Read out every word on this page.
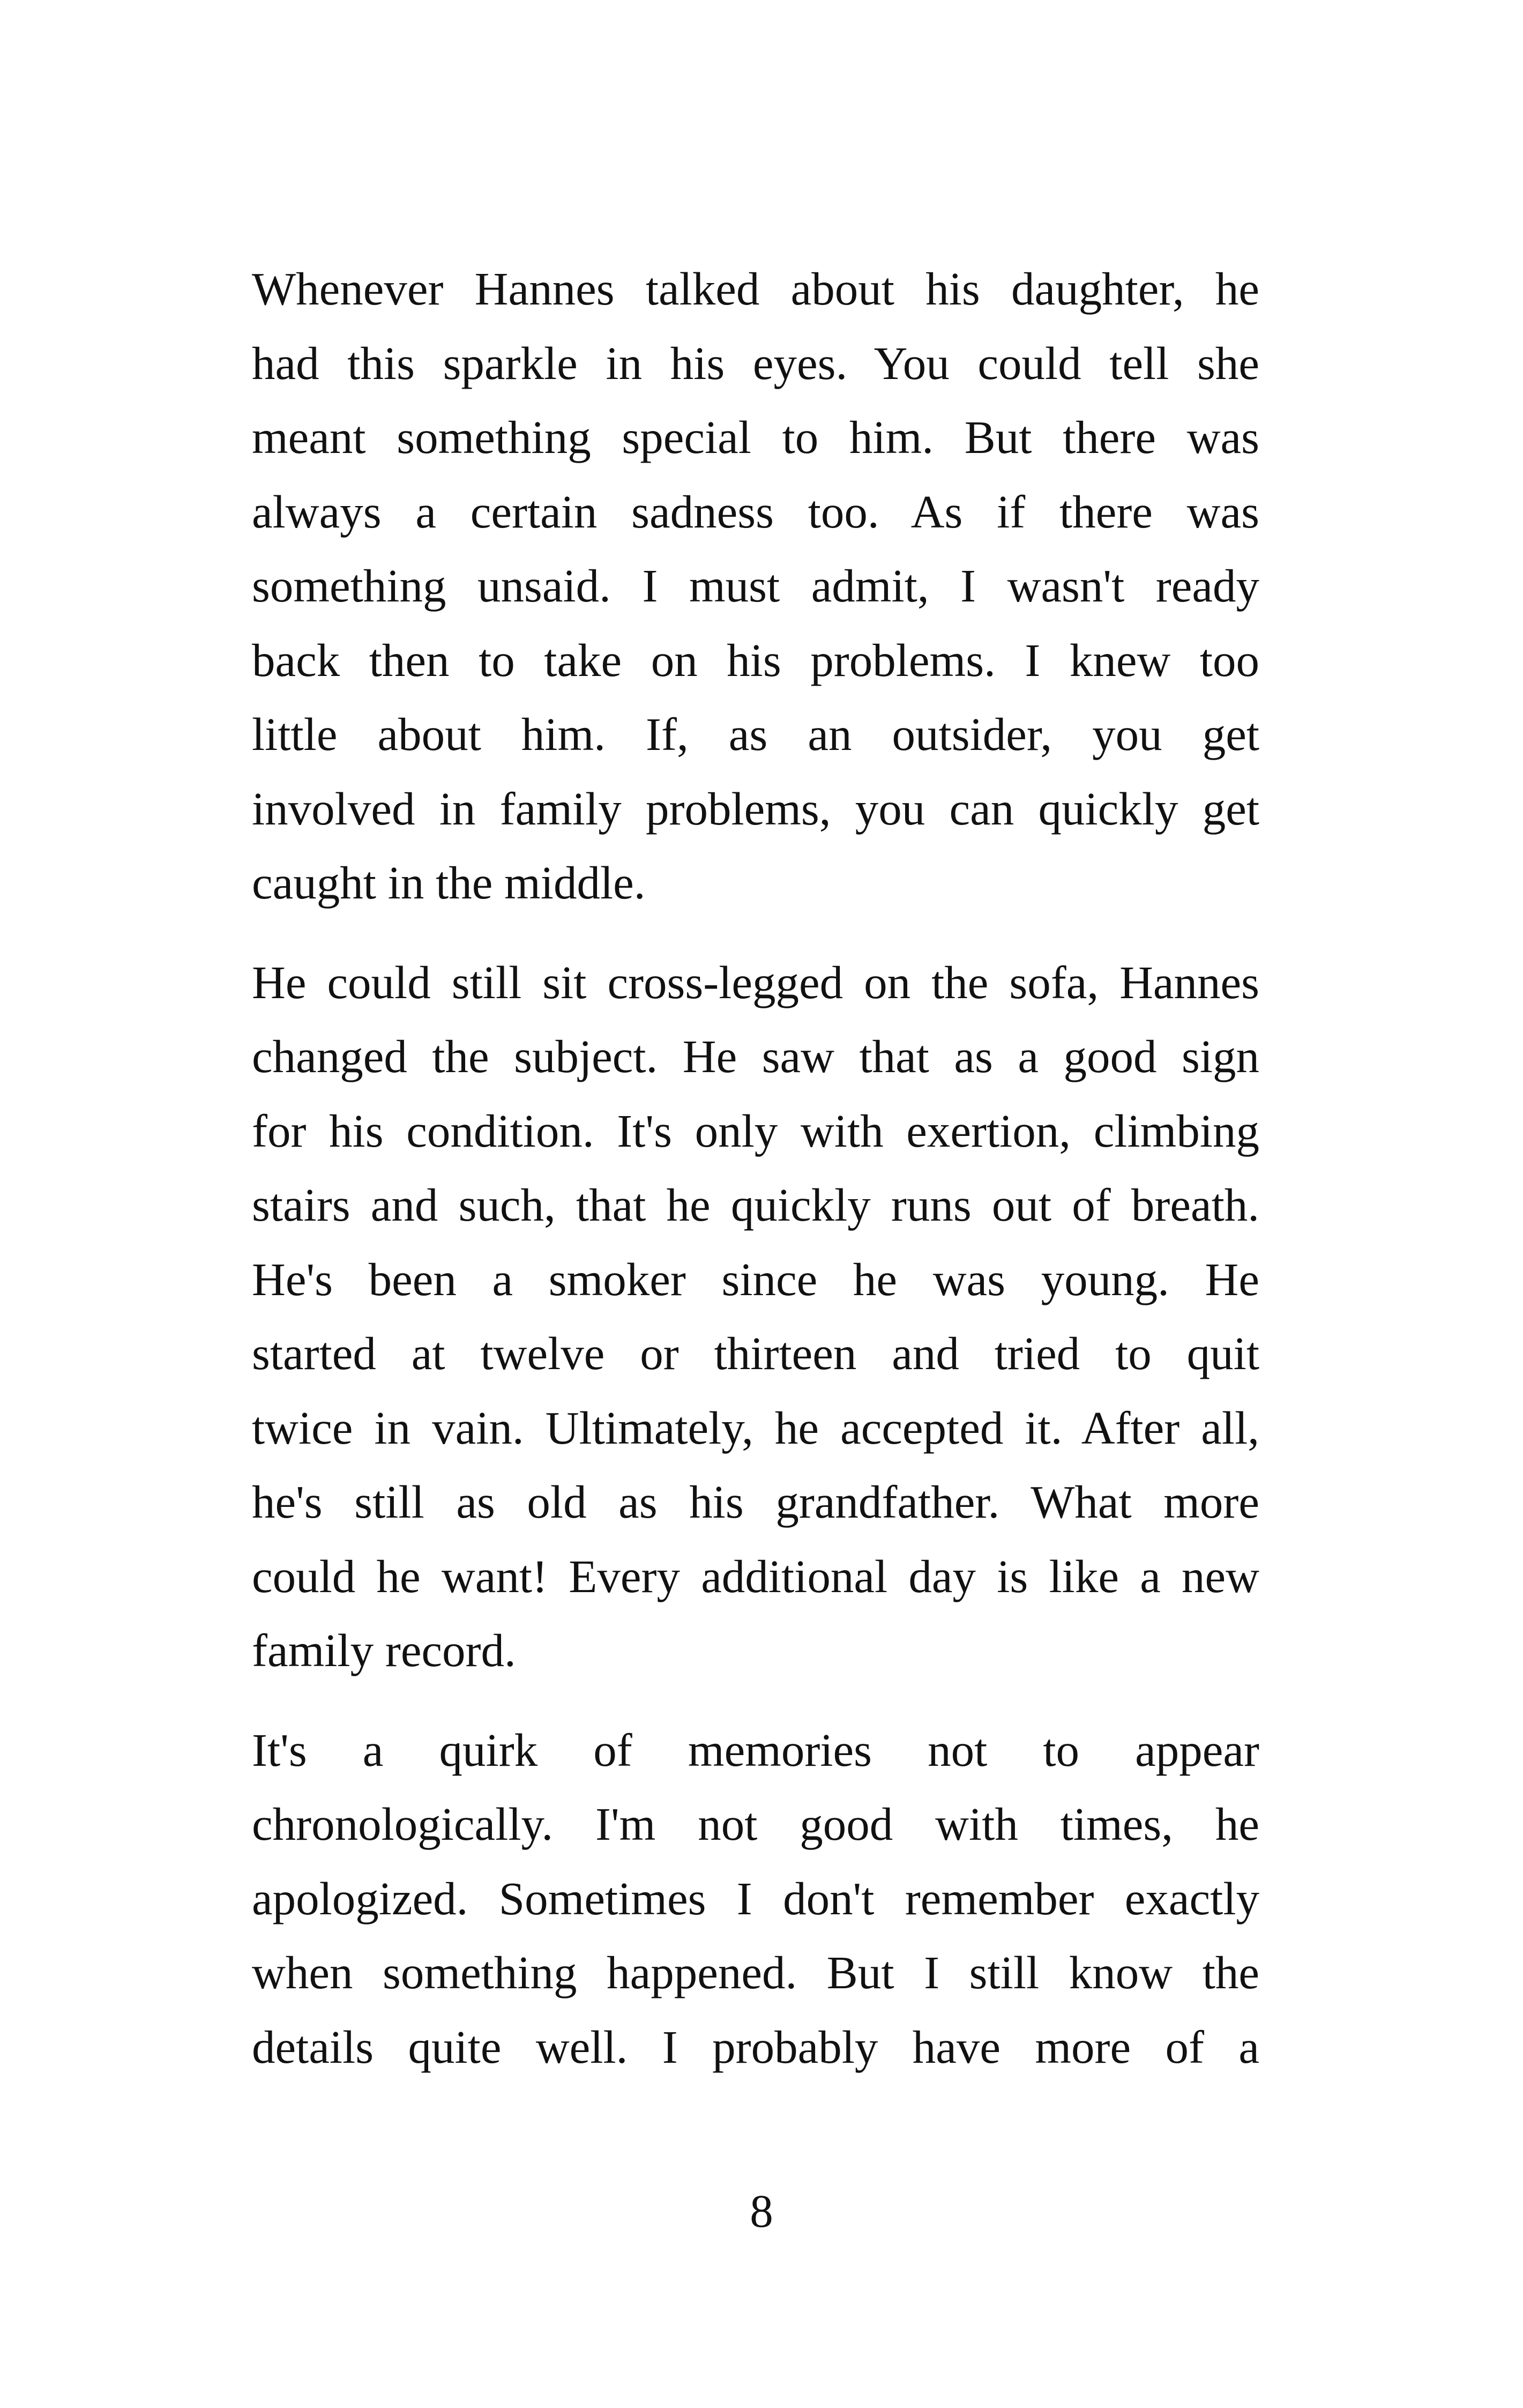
Whenever Hannes talked about his daughter, he
had this sparkle in his eyes. You could tell she
meant something special to him. But there was
always a certain sadness too. As if there was
something unsaid. I must admit, I wasn't ready
back then to take on his problems. I knew too
little about him. If, as an outsider, you get
involved in family problems, you can quickly get
caught in the middle.
He could still sit cross-legged on the sofa, Hannes
changed the subject. He saw that as a good sign
for his condition. It's only with exertion, climbing
stairs and such, that he quickly runs out of breath.
He's been a smoker since he was young. He
started at twelve or thirteen and tried to quit
twice in vain. Ultimately, he accepted it. After all,
he's still as old as his grandfather. What more
could he want! Every additional day is like a new
family record.
It's a quirk of memories not to appear
chronologically. I'm not good with times, he
apologized. Sometimes I don't remember exactly
when something happened. But I still know the
details quite well. I probably have more of a
8
